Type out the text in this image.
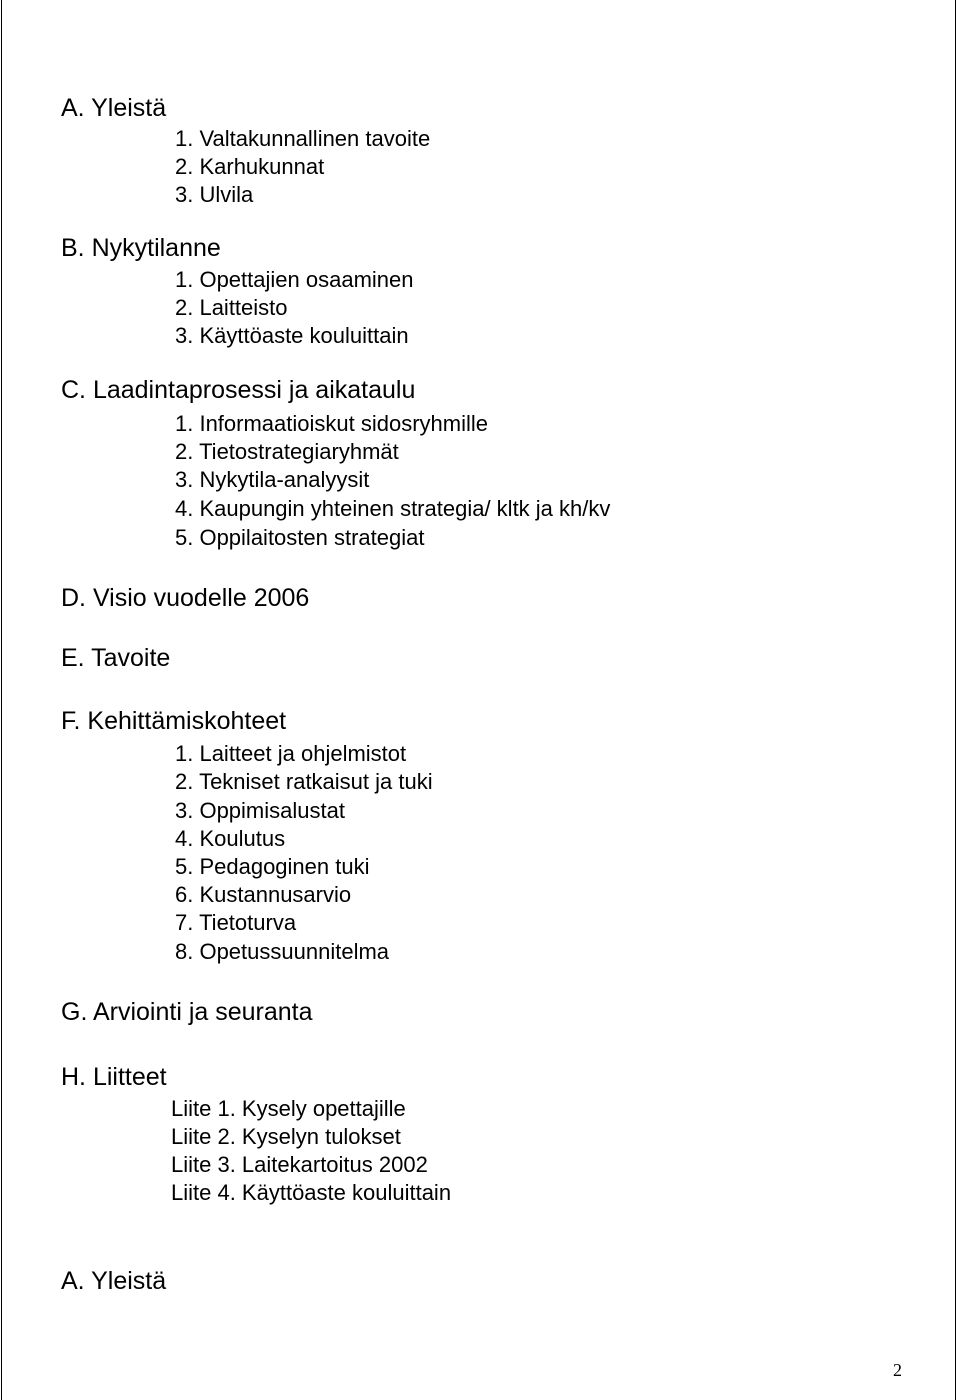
A. Yleistä
1. Valtakunnallinen tavoite
2. Karhukunnat
3. Ulvila
B. Nykytilanne
1. Opettajien osaaminen
2. Laitteisto
3. Käyttöaste kouluittain
C. Laadintaprosessi ja aikataulu
1. Informaatioiskut sidosryhmille
2. Tietostrategiaryhmät
3. Nykytila-analyysit
4. Kaupungin yhteinen strategia/ kltk ja kh/kv
5. Oppilaitosten strategiat
D. Visio vuodelle 2006
E. Tavoite
F. Kehittämiskohteet
1. Laitteet ja ohjelmistot
2. Tekniset ratkaisut ja tuki
3. Oppimisalustat
4. Koulutus
5. Pedagoginen tuki
6. Kustannusarvio
7. Tietoturva
8. Opetussuunnitelma
G. Arviointi ja seuranta
H. Liitteet
Liite 1. Kysely opettajille
Liite 2. Kyselyn tulokset
Liite 3. Laitekartoitus 2002
Liite 4. Käyttöaste kouluittain
A. Yleistä
2
